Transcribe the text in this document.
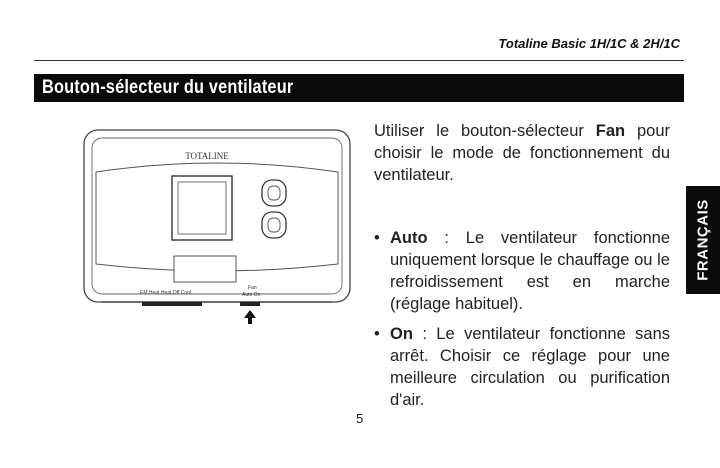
Totaline Basic 1H/1C & 2H/1C
Bouton-sélecteur du ventilateur
FRANÇAIS
TOTALINE
EM Heat Heat Off Cool
Fan
Auto On

Utiliser le bouton-sélecteur Fan pour choisir le mode de fonctionnement du ventilateur.

• Auto : Le ventilateur fonctionne uniquement lorsque le chauffage ou le refroidissement est en marche (réglage habituel).
• On : Le ventilateur fonctionne sans arrêt. Choisir ce réglage pour une meilleure circulation ou purification d'air.
5
